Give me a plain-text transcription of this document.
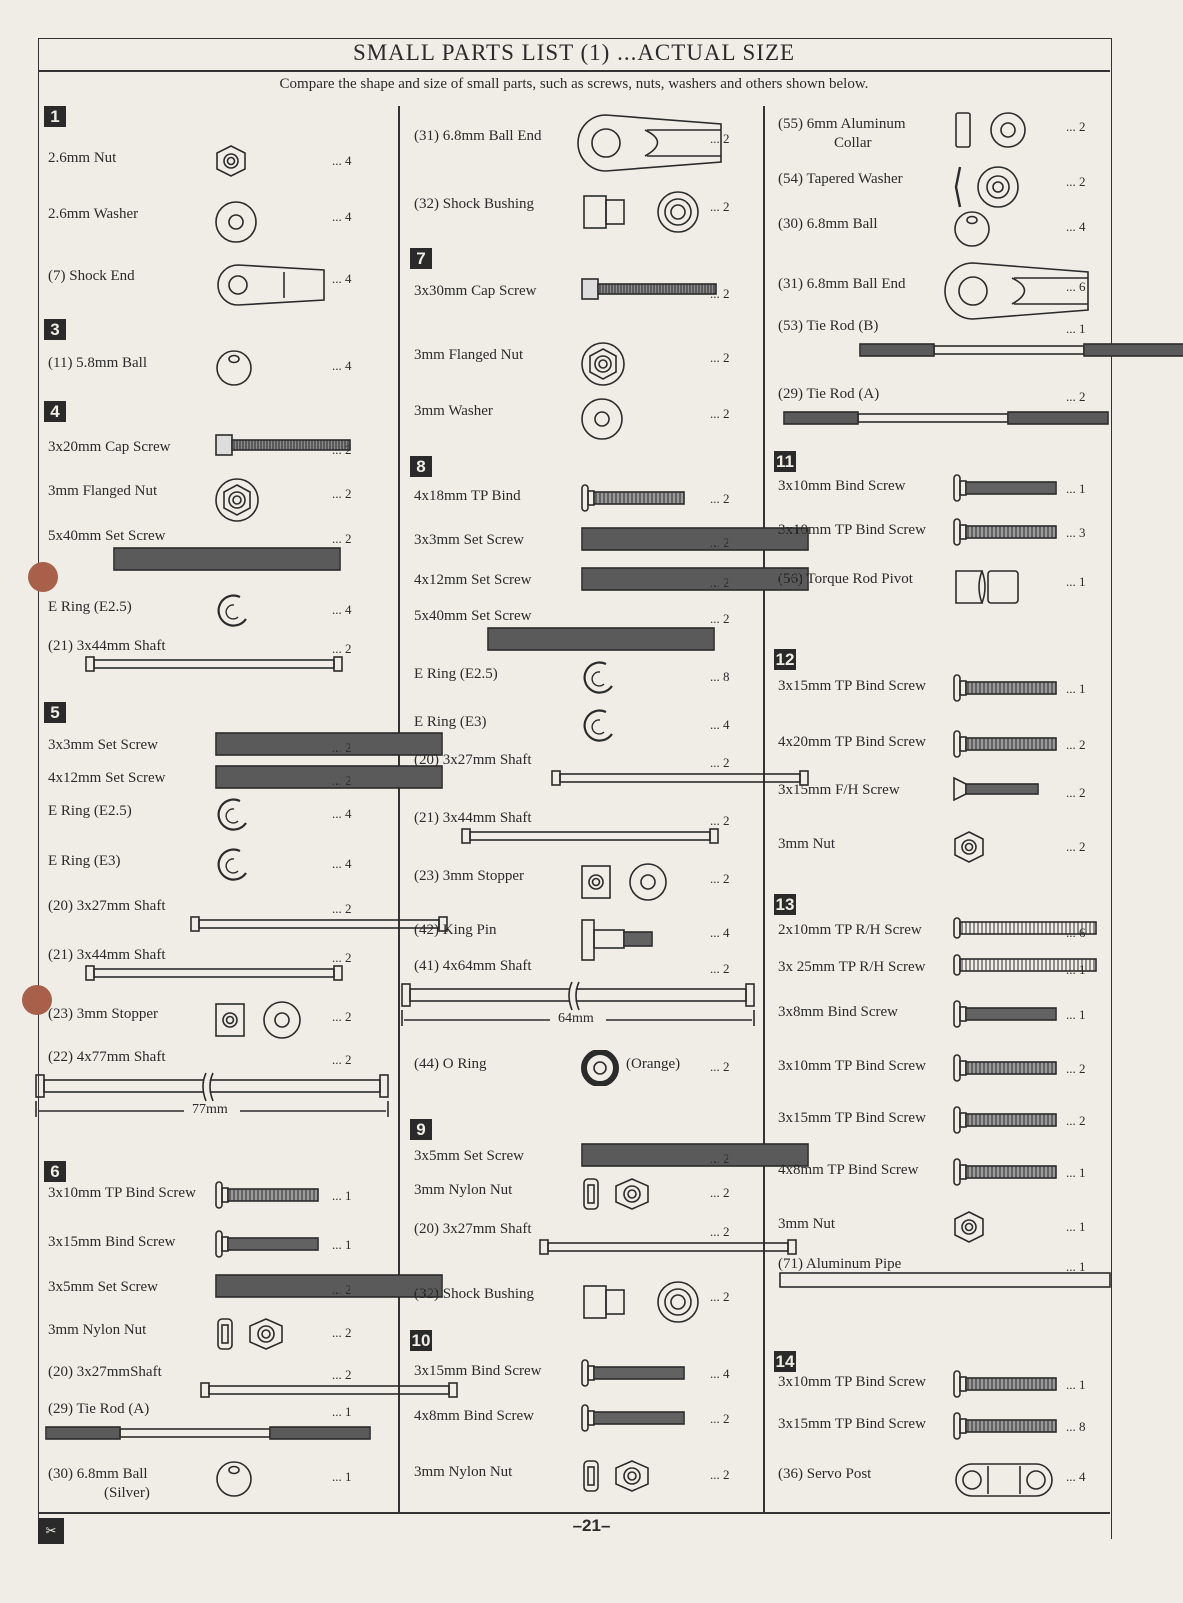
SMALL PARTS LIST (1) ...ACTUAL SIZE
Compare the shape and size of small parts, such as screws, nuts, washers and others shown below.
✂	–21–
1
2.6mm Nut	... 4
2.6mm Washer	... 4
(7) Shock End	... 4
3
(11) 5.8mm Ball	... 4
4
3x20mm Cap Screw	... 2
3mm Flanged Nut	... 2
5x40mm Set Screw	... 2
E Ring (E2.5)	... 4
(21) 3x44mm Shaft	... 2
5
3x3mm Set Screw	... 2
4x12mm Set Screw	... 2
E Ring (E2.5)	... 4
E Ring (E3)	... 4
(20) 3x27mm Shaft	... 2
(21) 3x44mm Shaft	... 2
(23) 3mm Stopper	... 2
(22) 4x77mm Shaft
77mm
... 2
6
3x10mm TP Bind Screw	... 1
3x15mm Bind Screw	... 1
3x5mm Set Screw	... 2
3mm Nylon Nut	... 2
(20) 3x27mmShaft	... 2
(29) Tie Rod (A)	... 1
(30) 6.8mm Ball
(Silver)
... 1
(31) 6.8mm Ball End	... 2
(32) Shock Bushing	... 2
7
3x30mm Cap Screw	... 2
3mm Flanged Nut	... 2
3mm Washer	... 2
8
4x18mm TP Bind	... 2
3x3mm Set Screw	... 2
4x12mm Set Screw	... 2
5x40mm Set Screw	... 2
E Ring (E2.5)	... 8
E Ring (E3)	... 4
(20) 3x27mm Shaft	... 2
(21) 3x44mm Shaft	... 2
(23) 3mm Stopper	... 2
(42) King Pin	... 4
(41) 4x64mm Shaft
64mm
... 2
(44) O Ring	(Orange) ... 2
9
3x5mm Set Screw	... 2
3mm Nylon Nut	... 2
(20) 3x27mm Shaft	... 2
(32) Shock Bushing	... 2
10
3x15mm Bind Screw	... 4
4x8mm Bind Screw	... 2
3mm Nylon Nut	... 2
(55) 6mm Aluminum
Collar
... 2
(54) Tapered Washer	... 2
(30) 6.8mm Ball	... 4
(31) 6.8mm Ball End	... 6
(53) Tie Rod (B)	... 1
(29) Tie Rod (A)	... 2
11
3x10mm Bind Screw	... 1
3x10mm TP Bind Screw	... 3
(56) Torque Rod Pivot	... 1
12
3x15mm TP Bind Screw	... 1
4x20mm TP Bind Screw	... 2
3x15mm F/H Screw	... 2
3mm Nut	... 2
13
2x10mm TP R/H Screw	... 6
3x 25mm TP R/H Screw	... 1
3x8mm Bind Screw	... 1
3x10mm TP Bind Screw	... 2
3x15mm TP Bind Screw	... 2
4x8mm TP Bind Screw	... 1
3mm Nut	... 1
(71) Aluminum Pipe	... 1
14
3x10mm TP Bind Screw	... 1
3x15mm TP Bind Screw	... 8
(36) Servo Post	... 4
